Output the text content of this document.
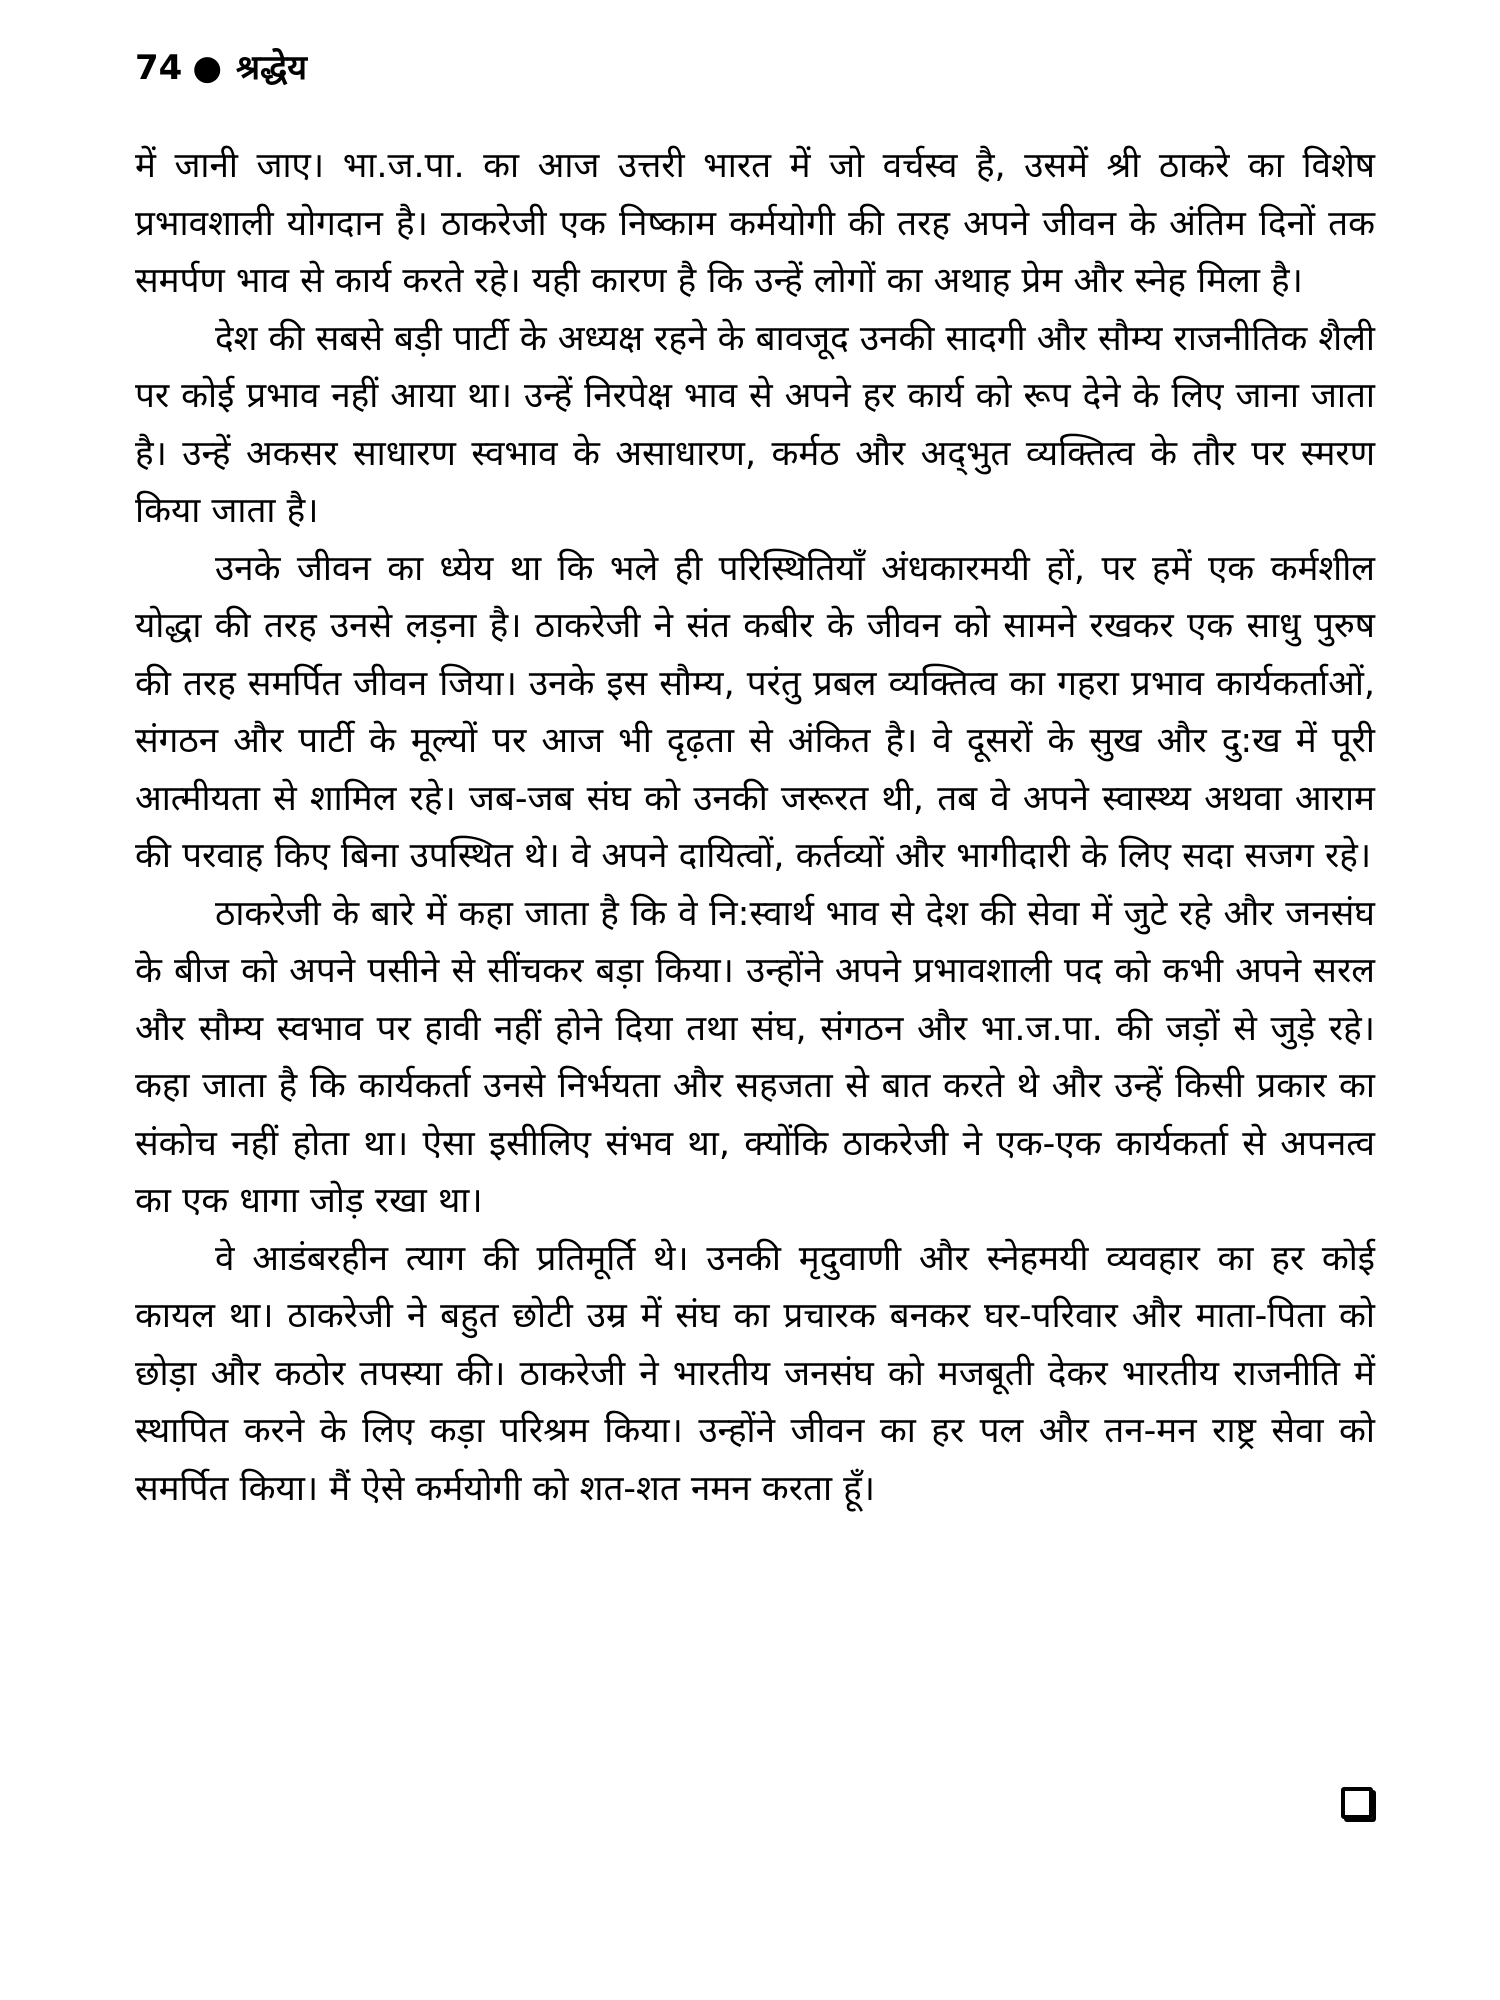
74 ● श्रद्धेय

में जानी जाए। भा.ज.पा. का आज उत्तरी भारत में जो वर्चस्व है, उसमें श्री ठाकरे का विशेष प्रभावशाली योगदान है। ठाकरेजी एक निष्काम कर्मयोगी की तरह अपने जीवन के अंतिम दिनों तक समर्पण भाव से कार्य करते रहे। यही कारण है कि उन्हें लोगों का अथाह प्रेम और स्नेह मिला है।

देश की सबसे बड़ी पार्टी के अध्यक्ष रहने के बावजूद उनकी सादगी और सौम्य राजनीतिक शैली पर कोई प्रभाव नहीं आया था। उन्हें निरपेक्ष भाव से अपने हर कार्य को रूप देने के लिए जाना जाता है। उन्हें अकसर साधारण स्वभाव के असाधारण, कर्मठ और अद्‌भुत व्यक्तित्व के तौर पर स्मरण किया जाता है।

उनके जीवन का ध्येय था कि भले ही परिस्थितियाँ अंधकारमयी हों, पर हमें एक कर्मशील योद्धा की तरह उनसे लड़ना है। ठाकरेजी ने संत कबीर के जीवन को सामने रखकर एक साधु पुरुष की तरह समर्पित जीवन जिया। उनके इस सौम्य, परंतु प्रबल व्यक्तित्व का गहरा प्रभाव कार्यकर्ताओं, संगठन और पार्टी के मूल्यों पर आज भी दृढ़ता से अंकित है। वे दूसरों के सुख और दु:ख में पूरी आत्मीयता से शामिल रहे। जब-जब संघ को उनकी जरूरत थी, तब वे अपने स्वास्थ्य अथवा आराम की परवाह किए बिना उपस्थित थे। वे अपने दायित्वों, कर्तव्यों और भागीदारी के लिए सदा सजग रहे।

ठाकरेजी के बारे में कहा जाता है कि वे नि:स्वार्थ भाव से देश की सेवा में जुटे रहे और जनसंघ के बीज को अपने पसीने से सींचकर बड़ा किया। उन्होंने अपने प्रभावशाली पद को कभी अपने सरल और सौम्य स्वभाव पर हावी नहीं होने दिया तथा संघ, संगठन और भा.ज.पा. की जड़ों से जुड़े रहे। कहा जाता है कि कार्यकर्ता उनसे निर्भयता और सहजता से बात करते थे और उन्हें किसी प्रकार का संकोच नहीं होता था। ऐसा इसीलिए संभव था, क्योंकि ठाकरेजी ने एक-एक कार्यकर्ता से अपनत्व का एक धागा जोड़ रखा था।

वे आडंबरहीन त्याग की प्रतिमूर्ति थे। उनकी मृदुवाणी और स्नेहमयी व्यवहार का हर कोई कायल था। ठाकरेजी ने बहुत छोटी उम्र में संघ का प्रचारक बनकर घर-परिवार और माता-पिता को छोड़ा और कठोर तपस्या की। ठाकरेजी ने भारतीय जनसंघ को मजबूती देकर भारतीय राजनीति में स्थापित करने के लिए कड़ा परिश्रम किया। उन्होंने जीवन का हर पल और तन-मन राष्ट्र सेवा को समर्पित किया। मैं ऐसे कर्मयोगी को शत-शत नमन करता हूँ।
